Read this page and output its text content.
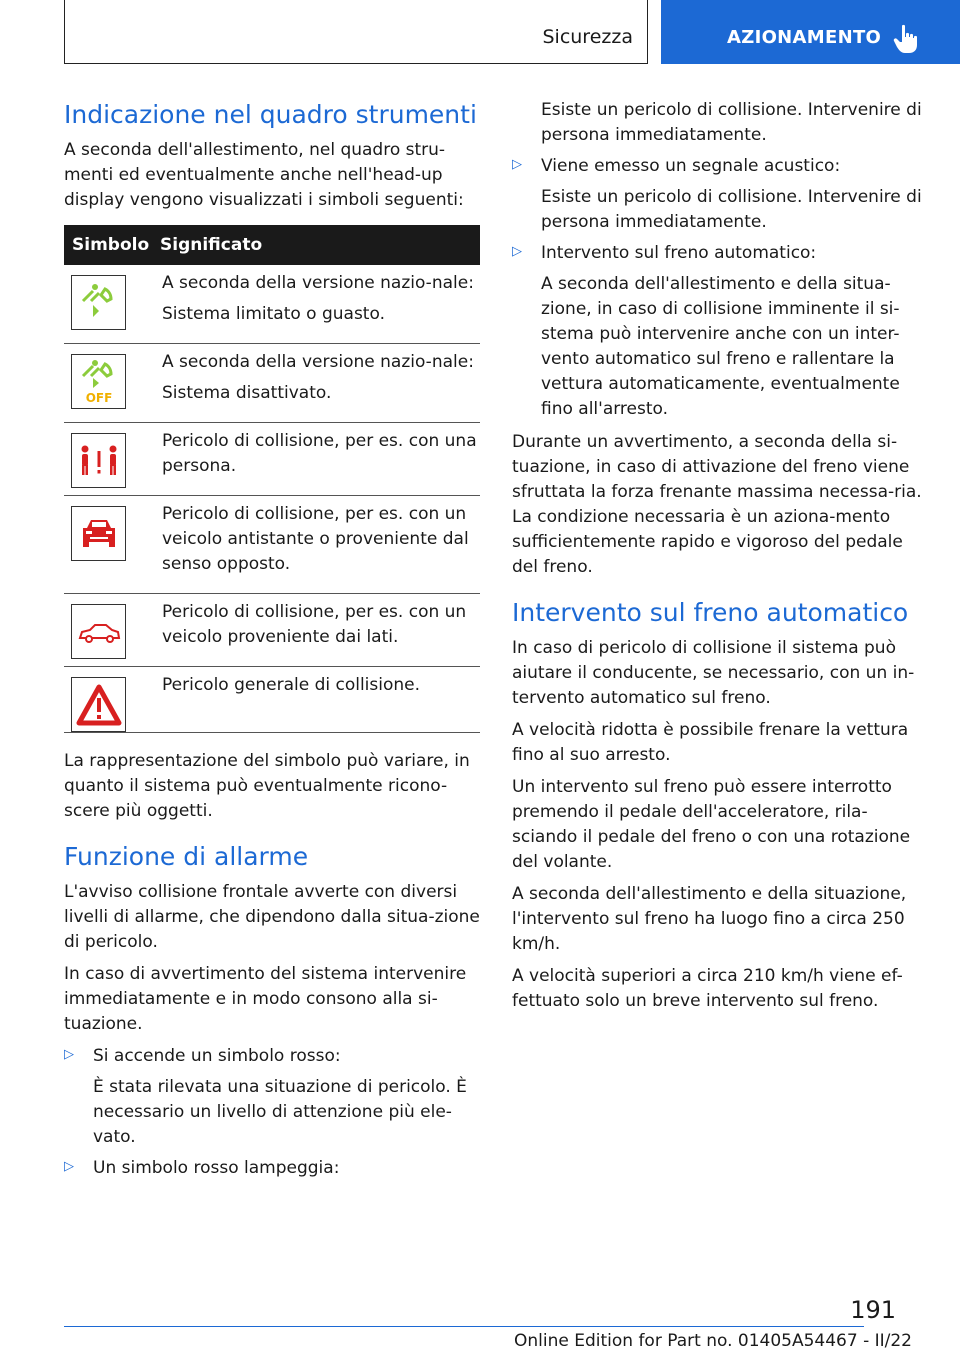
Sicurezza	AZIONAMENTO
Indicazione nel quadro strumenti

A seconda dell'allestimento, nel quadro stru-menti ed eventualmente anche nell'head-up display vengono visualizzati i simboli seguenti:

Simbolo Significato

A seconda della versione nazio-nale:

Sistema limitato o guasto.

OFF

A seconda della versione nazio-nale:

Sistema disattivato.

Pericolo di collisione, per es. con una persona.

Pericolo di collisione, per es. con un veicolo antistante o proveniente dal senso opposto.

Pericolo di collisione, per es. con un veicolo proveniente dai lati.

Pericolo generale di collisione.

La rappresentazione del simbolo può variare, in quanto il sistema può eventualmente ricono-scere più oggetti.

Funzione di allarme

L'avviso collisione frontale avverte con diversi livelli di allarme, che dipendono dalla situa-zione di pericolo.

In caso di avvertimento del sistema intervenire immediatamente e in modo consono alla si-tuazione.

▷ Si accende un simbolo rosso:

È stata rilevata una situazione di pericolo. È necessario un livello di attenzione più ele-vato.

▷ Un simbolo rosso lampeggia:

Esiste un pericolo di collisione. Intervenire di persona immediatamente.

▷ Viene emesso un segnale acustico:

Esiste un pericolo di collisione. Intervenire di persona immediatamente.

▷ Intervento sul freno automatico:

A seconda dell'allestimento e della situa-zione, in caso di collisione imminente il si-stema può intervenire anche con un inter-vento automatico sul freno e rallentare la vettura automaticamente, eventualmente fino all'arresto.

Durante un avvertimento, a seconda della si-tuazione, in caso di attivazione del freno viene sfruttata la forza frenante massima necessa-ria. La condizione necessaria è un aziona-mento sufficientemente rapido e vigoroso del pedale del freno.

Intervento sul freno automatico

In caso di pericolo di collisione il sistema può aiutare il conducente, se necessario, con un in-tervento automatico sul freno.

A velocità ridotta è possibile frenare la vettura fino al suo arresto.

Un intervento sul freno può essere interrotto premendo il pedale dell'acceleratore, rila-sciando il pedale del freno o con una rotazione del volante.

A seconda dell'allestimento e della situazione, l'intervento sul freno ha luogo fino a circa 250 km/h.

A velocità superiori a circa 210 km/h viene ef-fettuato solo un breve intervento sul freno.

191
Online Edition for Part no. 01405A54467 - II/22
